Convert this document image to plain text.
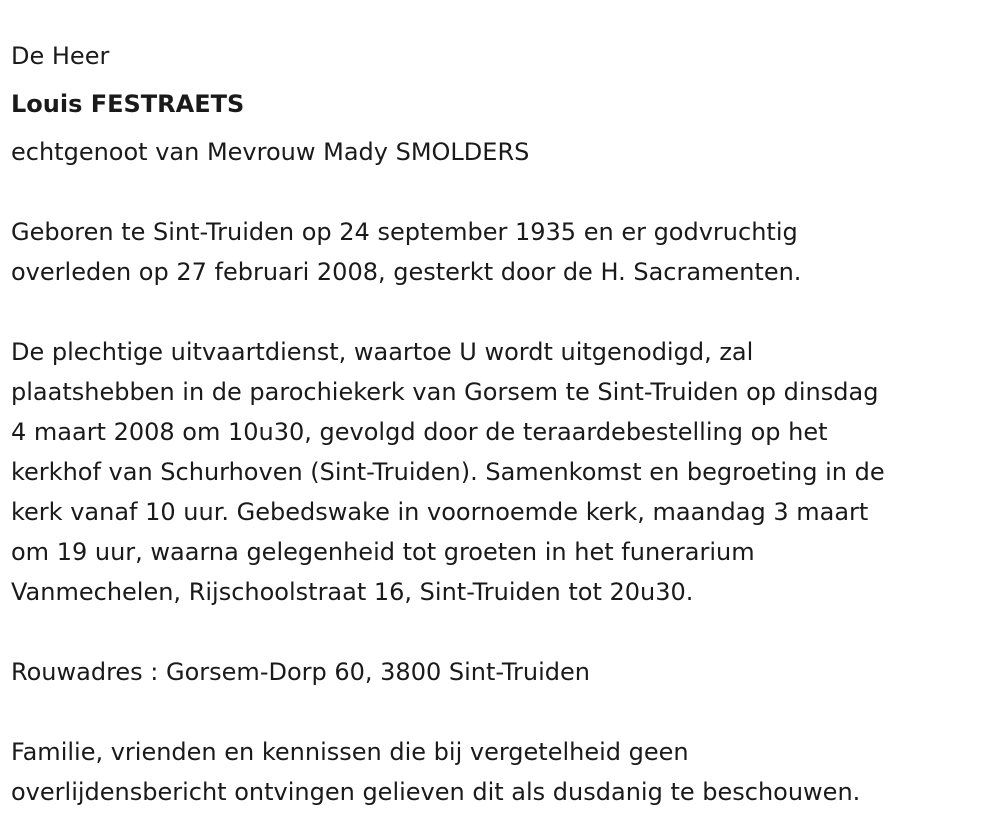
De Heer
Louis FESTRAETS
echtgenoot van Mevrouw Mady SMOLDERS
Geboren te Sint-Truiden op 24 september 1935 en er godvruchtig
overleden op 27 februari 2008, gesterkt door de H. Sacramenten.
De plechtige uitvaartdienst, waartoe U wordt uitgenodigd, zal
plaatshebben in de parochiekerk van Gorsem te Sint-Truiden op dinsdag
4 maart 2008 om 10u30, gevolgd door de teraardebestelling op het
kerkhof van Schurhoven (Sint-Truiden). Samenkomst en begroeting in de
kerk vanaf 10 uur. Gebedswake in voornoemde kerk, maandag 3 maart
om 19 uur, waarna gelegenheid tot groeten in het funerarium
Vanmechelen, Rijschoolstraat 16, Sint-Truiden tot 20u30.
Rouwadres : Gorsem-Dorp 60, 3800 Sint-Truiden
Familie, vrienden en kennissen die bij vergetelheid geen
overlijdensbericht ontvingen gelieven dit als dusdanig te beschouwen.
